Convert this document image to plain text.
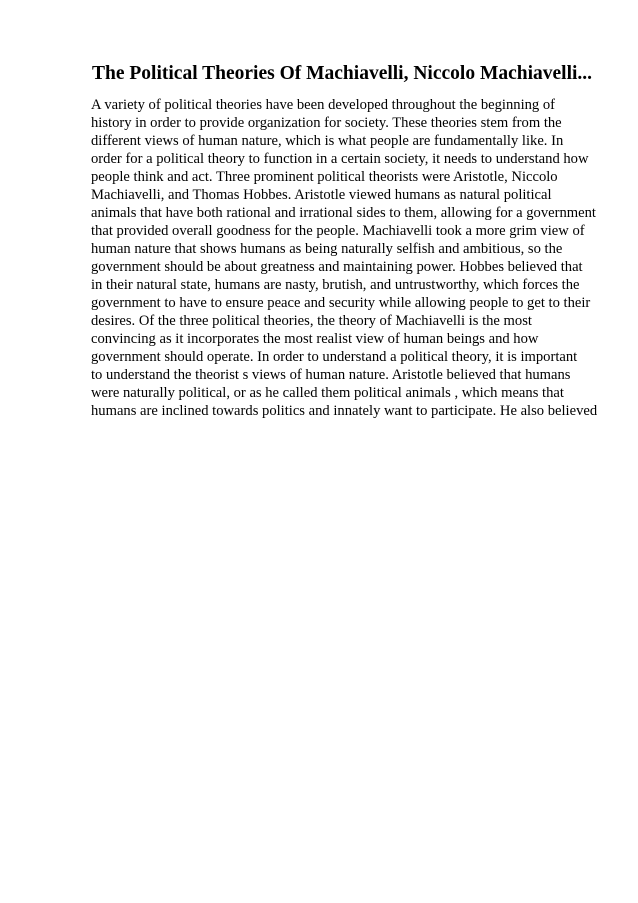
The Political Theories Of Machiavelli, Niccolo Machiavelli...
A variety of political theories have been developed throughout the beginning of
history in order to provide organization for society. These theories stem from the
different views of human nature, which is what people are fundamentally like. In
order for a political theory to function in a certain society, it needs to understand how
people think and act. Three prominent political theorists were Aristotle, Niccolo
Machiavelli, and Thomas Hobbes. Aristotle viewed humans as natural political
animals that have both rational and irrational sides to them, allowing for a government
that provided overall goodness for the people. Machiavelli took a more grim view of
human nature that shows humans as being naturally selfish and ambitious, so the
government should be about greatness and maintaining power. Hobbes believed that
in their natural state, humans are nasty, brutish, and untrustworthy, which forces the
government to have to ensure peace and security while allowing people to get to their
desires. Of the three political theories, the theory of Machiavelli is the most
convincing as it incorporates the most realist view of human beings and how
government should operate. In order to understand a political theory, it is important
to understand the theorist s views of human nature. Aristotle believed that humans
were naturally political, or as he called them political animals , which means that
humans are inclined towards politics and innately want to participate. He also believed
